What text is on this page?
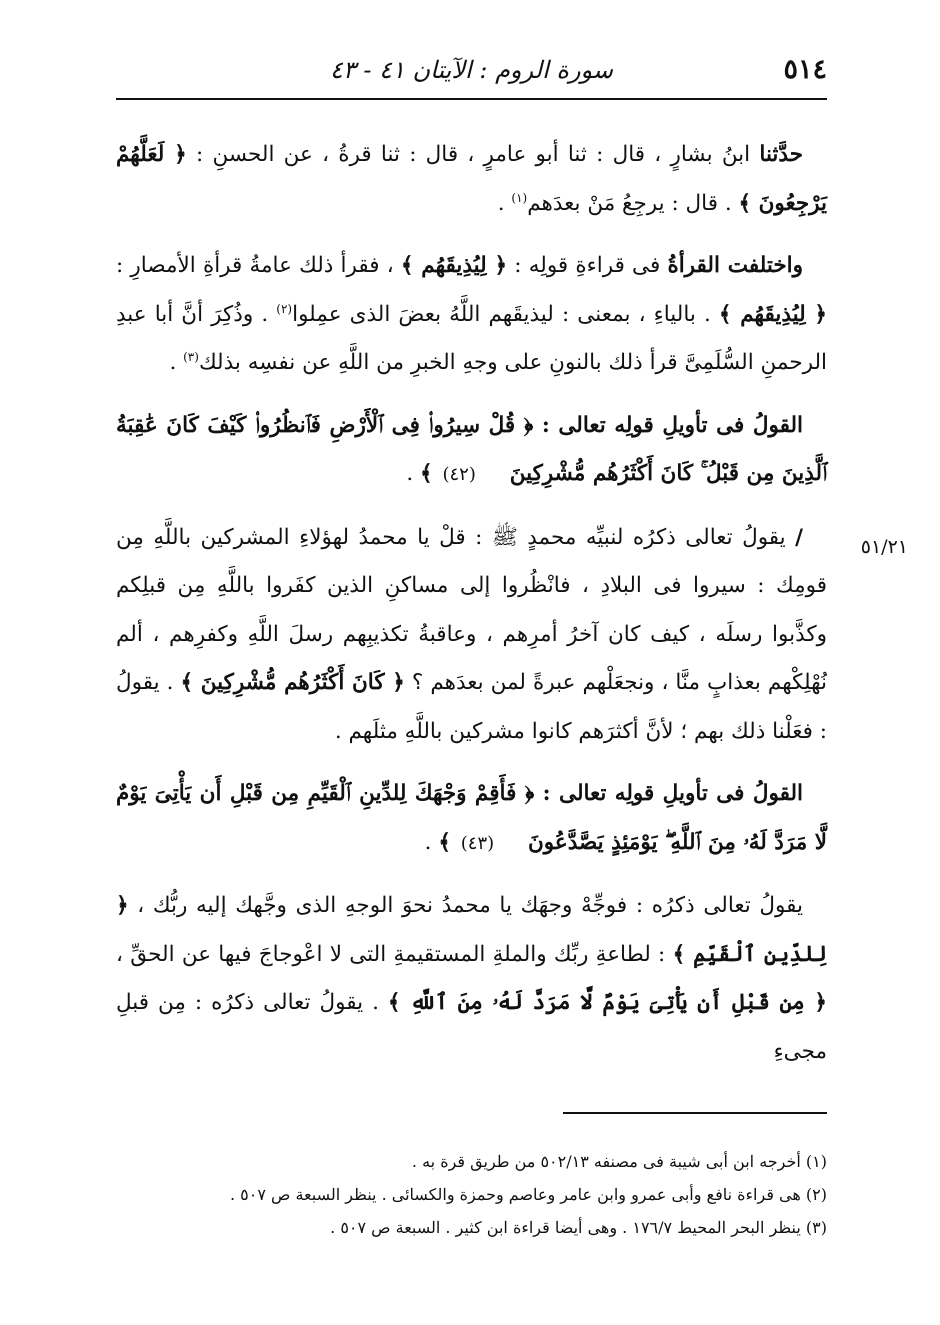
٥١٤
سورة الروم : الآيتان ٤١ - ٤٣
٥١/٢١

حدَّثنا ابنُ بشارٍ ، قال : ثنا أبو عامرٍ ، قال : ثنا قرةُ ، عن الحسنِ : ﴿ لَعَلَّهُمْ يَرْجِعُونَ ﴾ . قال : يرجِعُ مَنْ بعدَهم$^{(١)}$ .

واختلفت القرأةُ فى قراءةِ قولِه : ﴿ لِيُذِيقَهُم ﴾ ، فقرأ ذلك عامةُ قرأةِ الأمصارِ : ﴿ لِيُذِيقَهُم ﴾ . بالياءِ ، بمعنى : ليذيقَهم اللَّهُ بعضَ الذى عمِلوا$^{(٢)}$ . وذُكِرَ أنَّ أبا عبدِ الرحمنِ السُّلَمِىَّ قرأ ذلك بالنونِ على وجهِ الخبرِ من اللَّهِ عن نفسِه بذلك$^{(٣)}$ .

القولُ فى تأويلِ قولِه تعالى : ﴿ قُلْ سِيرُوا۟ فِى ٱلْأَرْضِ فَٱنظُرُوا۟ كَيْفَ كَانَ عَٰقِبَةُ ٱلَّذِينَ مِن قَبْلُ ۚ كَانَ أَكْثَرُهُم مُّشْرِكِينَ (٤٢) ﴾ .

/ يقولُ تعالى ذكرُه لنبيِّه محمدٍ ﷺ : قلْ يا محمدُ لهؤلاءِ المشركين باللَّهِ مِن قومِك : سيروا فى البلادِ ، فانْظُروا إلى مساكنِ الذين كفَروا باللَّهِ مِن قبلِكم وكذَّبوا رسلَه ، كيف كان آخرُ أمرِهم ، وعاقبةُ تكذيبِهم رسلَ اللَّهِ وكفرِهم ، ألم نُهْلِكْهم بعذابٍ منَّا ، ونجعَلْهم عبرةً لمن بعدَهم ؟ ﴿ كَانَ أَكْثَرُهُم مُّشْرِكِينَ ﴾ . يقولُ : فعَلْنا ذلك بهم ؛ لأنَّ أكثرَهم كانوا مشركين باللَّهِ مثلَهم .

القولُ فى تأويلِ قولِه تعالى : ﴿ فَأَقِمْ وَجْهَكَ لِلدِّينِ ٱلْقَيِّمِ مِن قَبْلِ أَن يَأْتِىَ يَوْمٌ لَّا مَرَدَّ لَهُۥ مِنَ ٱللَّهِ ۖ يَوْمَئِذٍ يَصَّدَّعُونَ (٤٣) ﴾ .

يقولُ تعالى ذكرُه : فوجِّهْ وجهَك يا محمدُ نحوَ الوجهِ الذى وجَّهك إليه ربُّك ، ﴿ لِلدِّينِ ٱلْقَيِّمِ ﴾ : لطاعةِ ربِّك والملةِ المستقيمةِ التى لا اعْوجاجَ فيها عن الحقِّ ، ﴿ مِن قَبْلِ أَن يَأْتِىَ يَوْمٌ لَّا مَرَدَّ لَهُۥ مِنَ ٱللَّهِ ﴾ . يقولُ تعالى ذكرُه : مِن قبلِ مجىءِ

(١) أخرجه ابن أبى شيبة فى مصنفه ٥٠٢/١٣ من طريق قرة به .

(٢) هى قراءة نافع وأبى عمرو وابن عامر وعاصم وحمزة والكسائى . ينظر السبعة ص ٥٠٧ .

(٣) ينظر البحر المحيط ١٧٦/٧ . وهى أيضا قراءة ابن كثير . السبعة ص ٥٠٧ .
